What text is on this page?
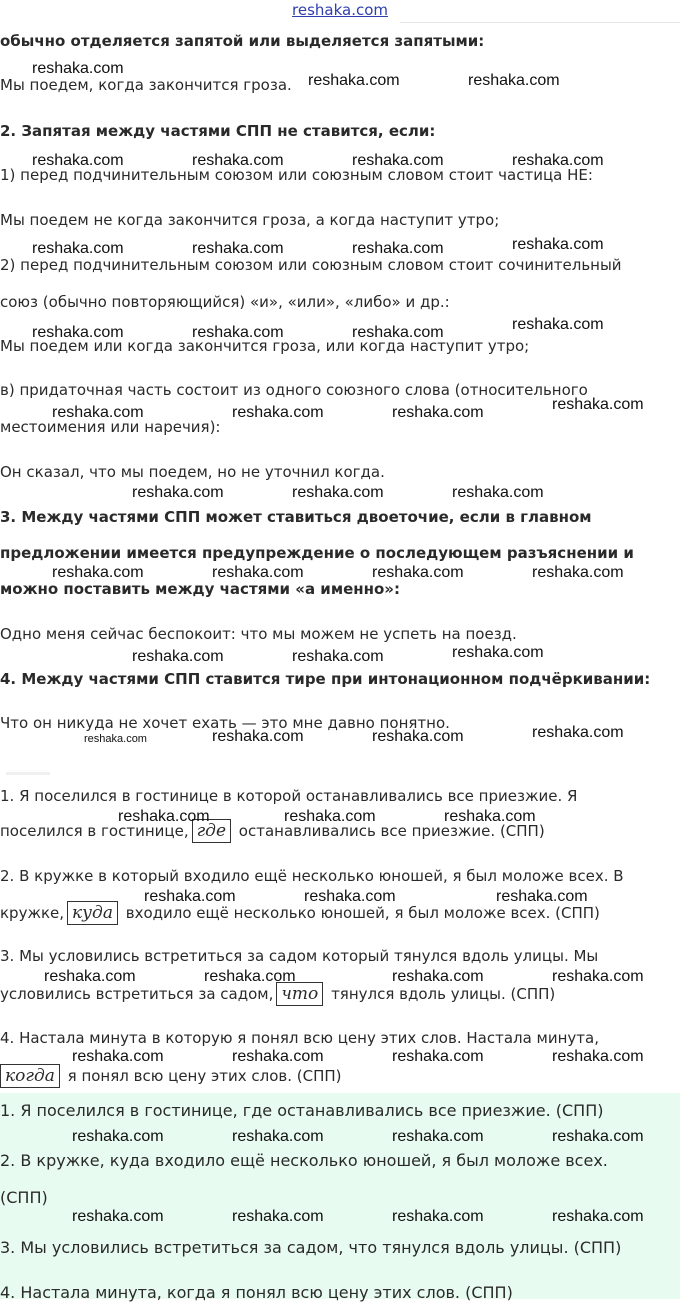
reshaka.com
обычно отделяется запятой или выделяется запятыми:
Мы поедем, когда закончится гроза.
2. Запятая между частями СПП не ставится, если:
1) перед подчинительным союзом или союзным словом стоит частица НЕ:
Мы поедем не когда закончится гроза, а когда наступит утро;
2) перед подчинительным союзом или союзным словом стоит сочинительный
союз (обычно повторяющийся) «и», «или», «либо» и др.:
Мы поедем или когда закончится гроза, или когда наступит утро;
в) придаточная часть состоит из одного союзного слова (относительного
местоимения или наречия):
Он сказал, что мы поедем, но не уточнил когда.
3. Между частями СПП может ставиться двоеточие, если в главном
предложении имеется предупреждение о последующем разъяснении и
можно поставить между частями «а именно»:
Одно меня сейчас беспокоит: что мы можем не успеть на поезд.
4. Между частями СПП ставится тире при интонационном подчёркивании:
Что он никуда не хочет ехать — это мне давно понятно.
1. Я поселился в гостинице в которой останавливались все приезжие. Я
поселился в гостинице, где останавливались все приезжие. (СПП)
2. В кружке в который входило ещё несколько юношей, я был моложе всех. В
кружке, куда входило ещё несколько юношей, я был моложе всех. (СПП)
3. Мы условились встретиться за садом который тянулся вдоль улицы. Мы
условились встретиться за садом, что тянулся вдоль улицы. (СПП)
4. Настала минута в которую я понял всю цену этих слов. Настала минута,
когда я понял всю цену этих слов. (СПП)
1. Я поселился в гостинице, где останавливались все приезжие. (СПП)
2. В кружке, куда входило ещё несколько юношей, я был моложе всех.
(СПП)
3. Мы условились встретиться за садом, что тянулся вдоль улицы. (СПП)
4. Настала минута, когда я понял всю цену этих слов. (СПП)
reshaka.com
reshaka.com	reshaka.com
reshaka.com	reshaka.com	reshaka.com	reshaka.com
reshaka.com	reshaka.com	reshaka.com	reshaka.com
reshaka.com	reshaka.com	reshaka.com	reshaka.com
reshaka.com	reshaka.com	reshaka.com	reshaka.com
reshaka.com	reshaka.com	reshaka.com
reshaka.com	reshaka.com	reshaka.com	reshaka.com
reshaka.com	reshaka.com	reshaka.com
reshaka.com	reshaka.com	reshaka.com	reshaka.com
reshaka.com	reshaka.com	reshaka.com
reshaka.com	reshaka.com	reshaka.com
reshaka.com	reshaka.com	reshaka.com	reshaka.com
reshaka.com	reshaka.com	reshaka.com	reshaka.com
reshaka.com	reshaka.com	reshaka.com	reshaka.com
reshaka.com	reshaka.com	reshaka.com	reshaka.com
